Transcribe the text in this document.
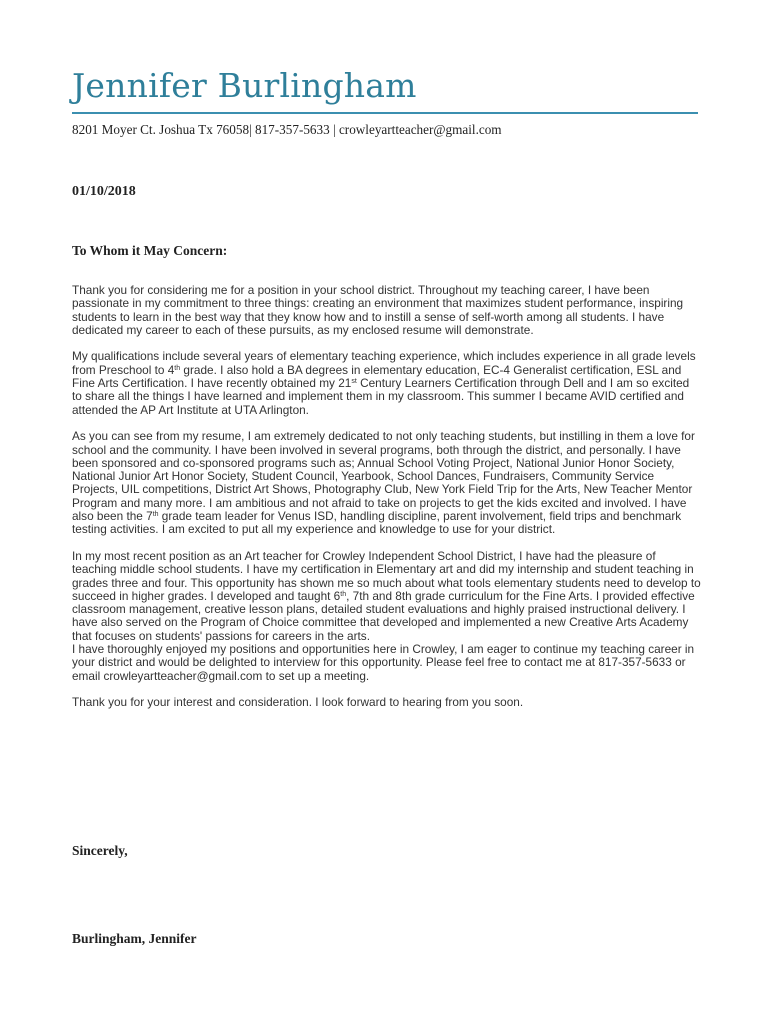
Jennifer Burlingham
8201 Moyer Ct. Joshua Tx 76058| 817-357-5633 | crowleyartteacher@gmail.com
01/10/2018
To Whom it May Concern:

Thank you for considering me for a position in your school district. Throughout my teaching career, I have been passionate in my commitment to three things: creating an environment that maximizes student performance, inspiring students to learn in the best way that they know how and to instill a sense of self-worth among all students. I have dedicated my career to each of these pursuits, as my enclosed resume will demonstrate.

My qualifications include several years of elementary teaching experience, which includes experience in all grade levels from Preschool to 4th grade. I also hold a BA degrees in elementary education, EC-4 Generalist certification, ESL and Fine Arts Certification. I have recently obtained my 21st Century Learners Certification through Dell and I am so excited to share all the things I have learned and implement them in my classroom. This summer I became AVID certified and attended the AP Art Institute at UTA Arlington.

As you can see from my resume, I am extremely dedicated to not only teaching students, but instilling in them a love for school and the community. I have been involved in several programs, both through the district, and personally. I have been sponsored and co-sponsored programs such as; Annual School Voting Project, National Junior Honor Society, National Junior Art Honor Society, Student Council, Yearbook, School Dances, Fundraisers, Community Service Projects, UIL competitions, District Art Shows, Photography Club, New York Field Trip for the Arts, New Teacher Mentor Program and many more. I am ambitious and not afraid to take on projects to get the kids excited and involved. I have also been the 7th grade team leader for Venus ISD, handling discipline, parent involvement, field trips and benchmark testing activities. I am excited to put all my experience and knowledge to use for your district.

In my most recent position as an Art teacher for Crowley Independent School District, I have had the pleasure of teaching middle school students. I have my certification in Elementary art and did my internship and student teaching in grades three and four. This opportunity has shown me so much about what tools elementary students need to develop to succeed in higher grades. I developed and taught 6th, 7th and 8th grade curriculum for the Fine Arts. I provided effective classroom management, creative lesson plans, detailed student evaluations and highly praised instructional delivery. I have also served on the Program of Choice committee that developed and implemented a new Creative Arts Academy that focuses on students' passions for careers in the arts.

I have thoroughly enjoyed my positions and opportunities here in Crowley, I am eager to continue my teaching career in your district and would be delighted to interview for this opportunity. Please feel free to contact me at 817-357-5633 or email crowleyartteacher@gmail.com to set up a meeting.

Thank you for your interest and consideration. I look forward to hearing from you soon.

Sincerely,
Burlingham, Jennifer
